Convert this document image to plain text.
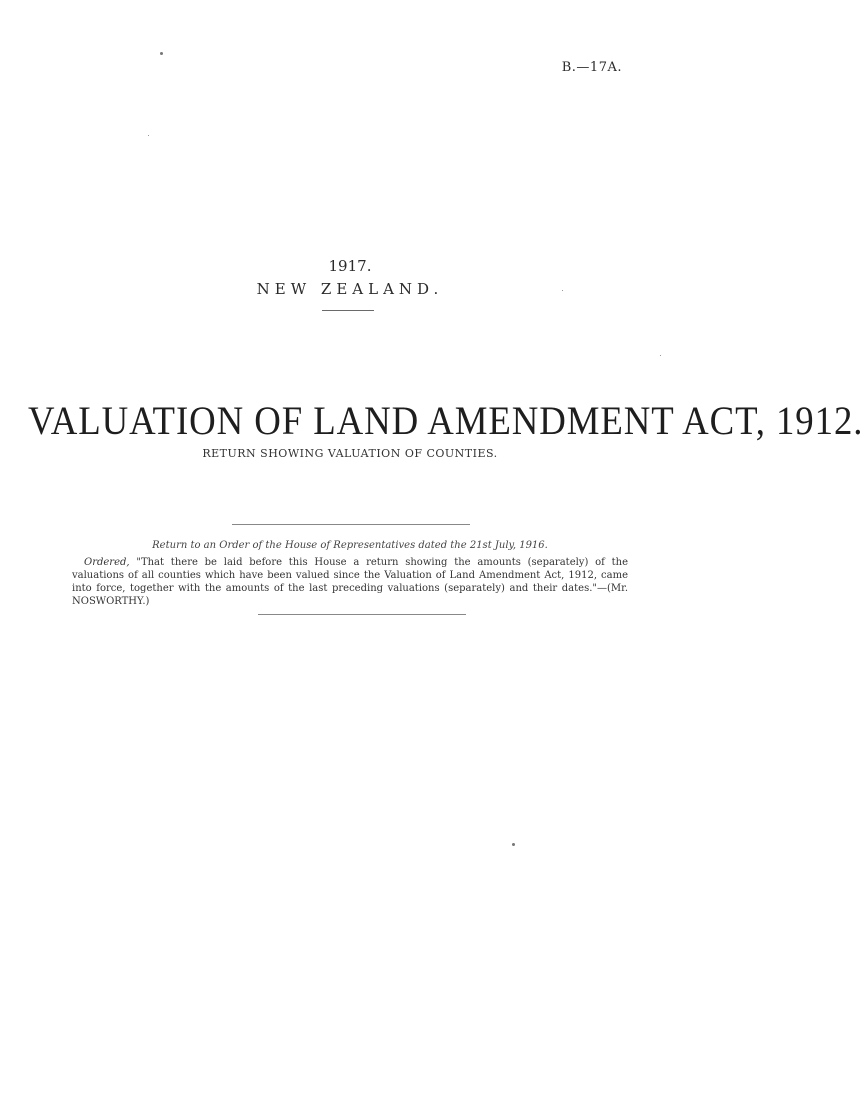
B.—17A.
1917.
NEW ZEALAND.
VALUATION OF LAND AMENDMENT ACT, 1912.
RETURN SHOWING VALUATION OF COUNTIES.
Return to an Order of the House of Representatives dated the 21st July, 1916.
Ordered, "That there be laid before this House a return showing the amounts (separately) of the valuations of all counties which have been valued since the Valuation of Land Amendment Act, 1912, came into force, together with the amounts of the last preceding valuations (separately) and their dates."—(Mr. NOSWORTHY.)
